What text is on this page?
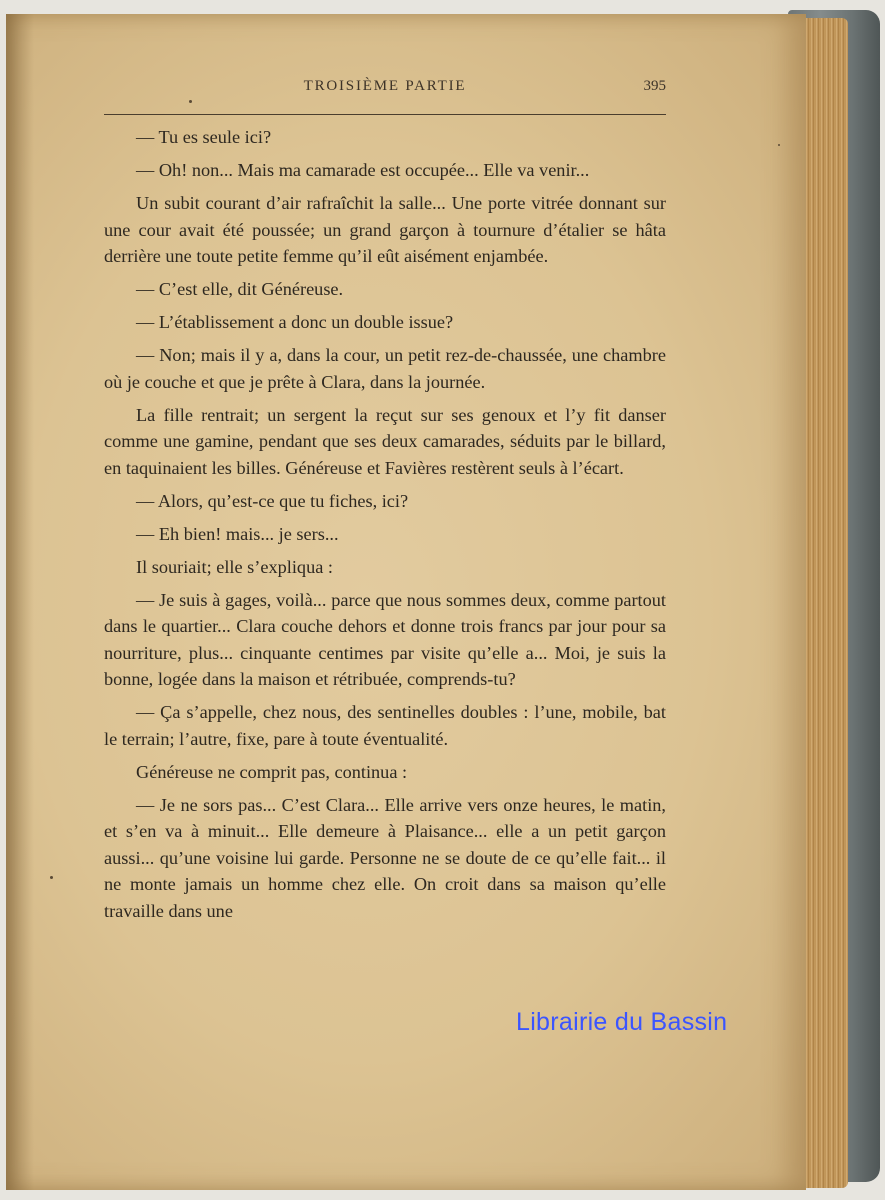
TROISIÈME PARTIE	395

— Tu es seule ici?

— Oh! non... Mais ma camarade est occupée... Elle va venir...

Un subit courant d’air rafraîchit la salle... Une porte vitrée donnant sur une cour avait été poussée; un grand garçon à tournure d’étalier se hâta derrière une toute petite femme qu’il eût aisément enjambée.

— C’est elle, dit Généreuse.

— L’établissement a donc un double issue?

— Non; mais il y a, dans la cour, un petit rez-de-chaussée, une chambre où je couche et que je prête à Clara, dans la journée.

La fille rentrait; un sergent la reçut sur ses genoux et l’y fit danser comme une gamine, pendant que ses deux camarades, séduits par le billard, en taquinaient les billes. Généreuse et Favières restèrent seuls à l’écart.

— Alors, qu’est-ce que tu fiches, ici?

— Eh bien! mais... je sers...

Il souriait; elle s’expliqua :

— Je suis à gages, voilà... parce que nous sommes deux, comme partout dans le quartier... Clara couche dehors et donne trois francs par jour pour sa nourriture, plus... cinquante centimes par visite qu’elle a... Moi, je suis la bonne, logée dans la maison et rétribuée, comprends-tu?

— Ça s’appelle, chez nous, des sentinelles doubles : l’une, mobile, bat le terrain; l’autre, fixe, pare à toute éventualité.

Généreuse ne comprit pas, continua :

— Je ne sors pas... C’est Clara... Elle arrive vers onze heures, le matin, et s’en va à minuit... Elle demeure à Plaisance... elle a un petit garçon aussi... qu’une voisine lui garde. Personne ne se doute de ce qu’elle fait... il ne monte jamais un homme chez elle. On croit dans sa maison qu’elle travaille dans une

Librairie du Bassin
